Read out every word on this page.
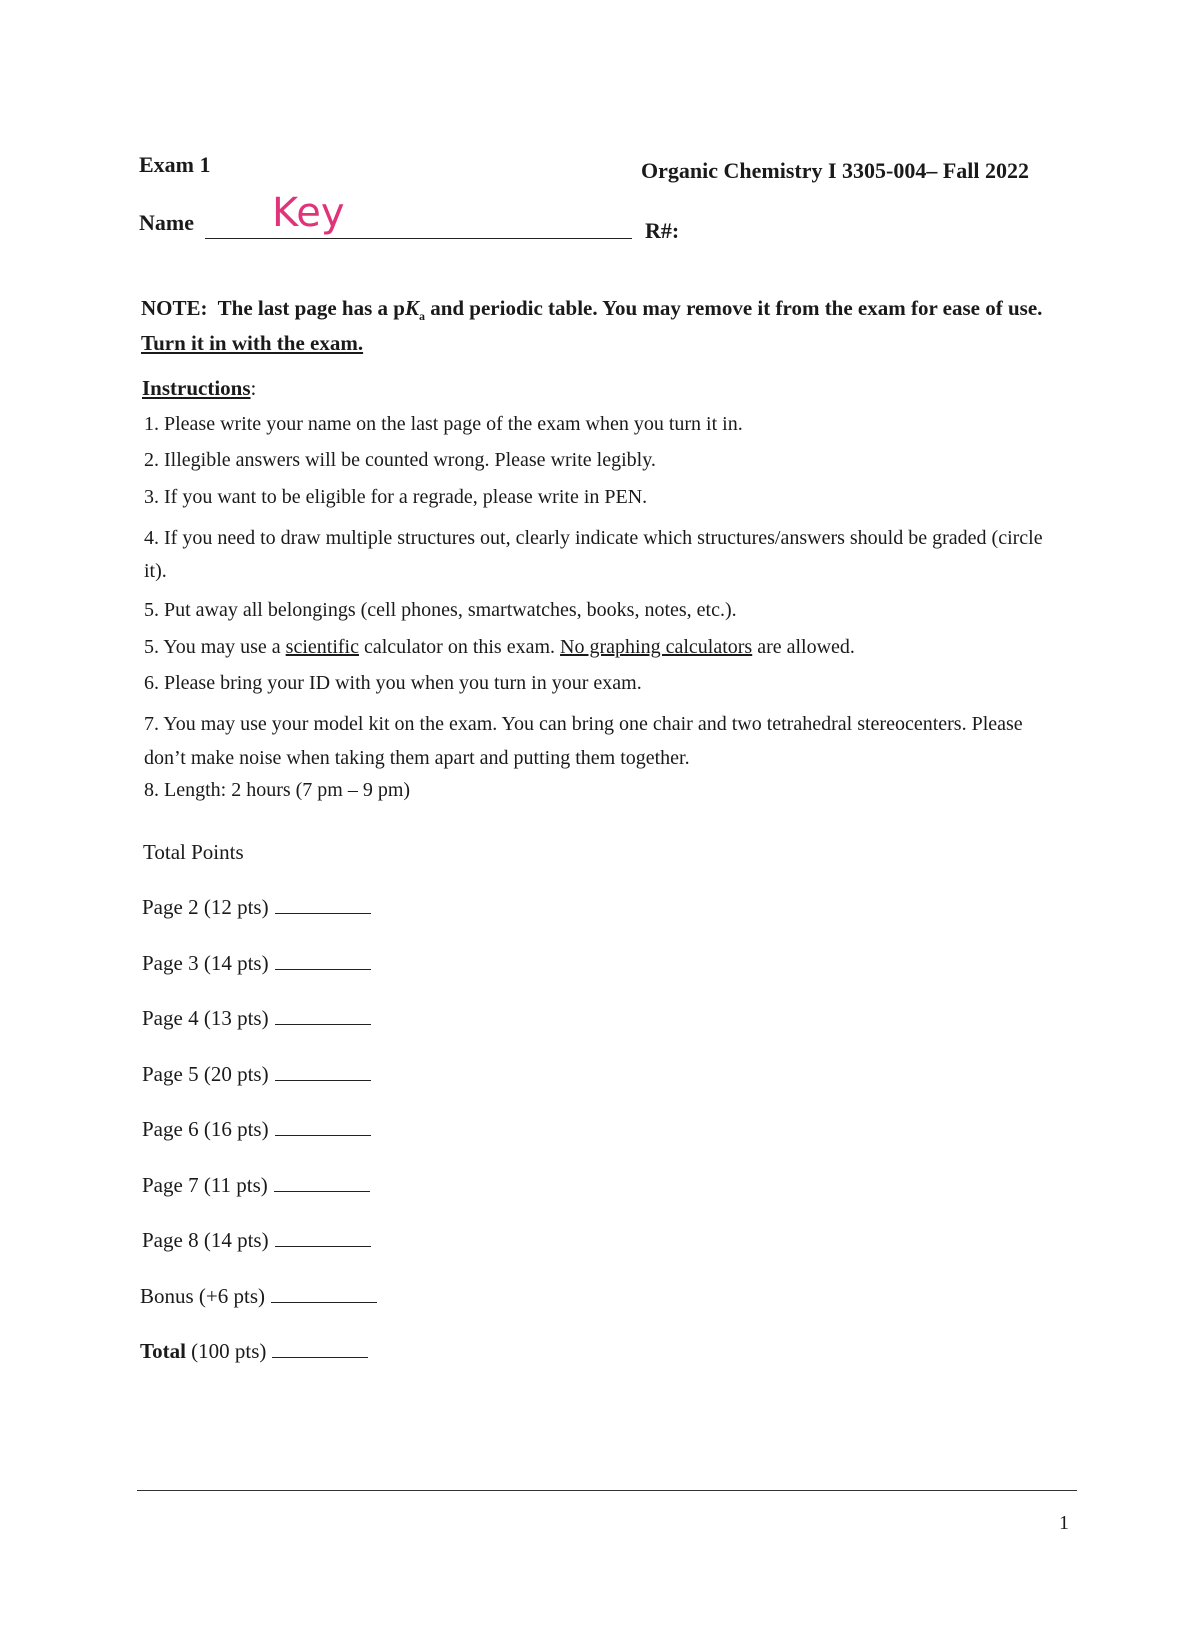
Exam 1	Organic Chemistry I 3305-004– Fall 2022
Name Key	R#:
NOTE: The last page has a $pK_a$ and periodic table. You may remove it from the exam for ease of use. Turn it in with the exam.
Instructions:
1. Please write your name on the last page of the exam when you turn it in.
2. Illegible answers will be counted wrong. Please write legibly.
3. If you want to be eligible for a regrade, please write in PEN.
4. If you need to draw multiple structures out, clearly indicate which structures/answers should be graded (circle it).
5. Put away all belongings (cell phones, smartwatches, books, notes, etc.).
5. You may use a scientific calculator on this exam. No graphing calculators are allowed.
6. Please bring your ID with you when you turn in your exam.
7. You may use your model kit on the exam. You can bring one chair and two tetrahedral stereocenters. Please don’t make noise when taking them apart and putting them together.
8. Length: 2 hours (7 pm – 9 pm)
Total Points
Page 2 (12 pts)
Page 3 (14 pts)
Page 4 (13 pts)
Page 5 (20 pts)
Page 6 (16 pts)
Page 7 (11 pts)
Page 8 (14 pts)
Bonus (+6 pts)
Total (100 pts)
1
